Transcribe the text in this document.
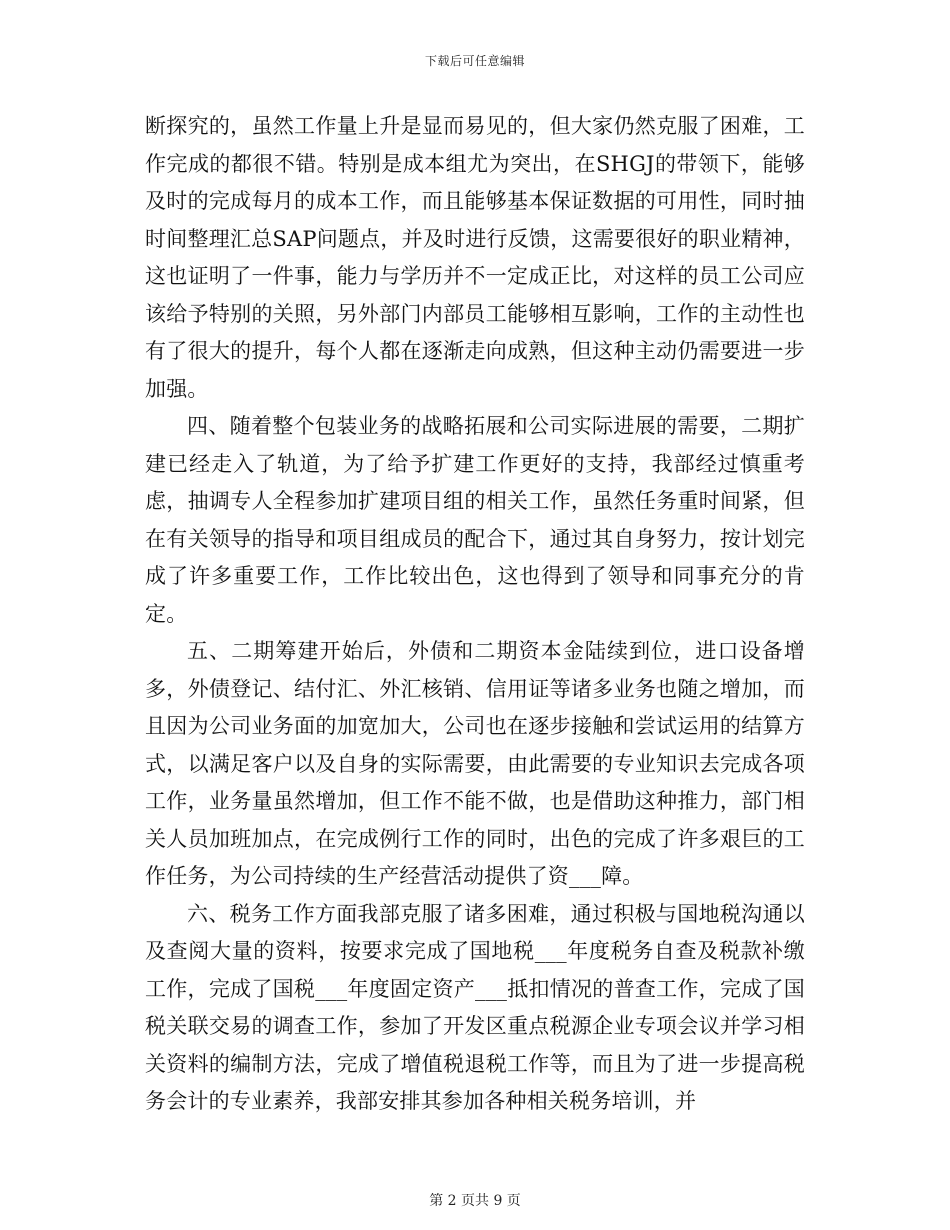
下载后可任意编辑

断探究的，虽然工作量上升是显而易见的，但大家仍然克服了困难，工作完成的都很不错。特别是成本组尤为突出，在SHGJ的带领下，能够及时的完成每月的成本工作，而且能够基本保证数据的可用性，同时抽时间整理汇总SAP问题点，并及时进行反馈，这需要很好的职业精神，这也证明了一件事，能力与学历并不一定成正比，对这样的员工公司应该给予特别的关照，另外部门内部员工能够相互影响，工作的主动性也有了很大的提升，每个人都在逐渐走向成熟，但这种主动仍需要进一步加强。

四、随着整个包装业务的战略拓展和公司实际进展的需要，二期扩建已经走入了轨道，为了给予扩建工作更好的支持，我部经过慎重考虑，抽调专人全程参加扩建项目组的相关工作，虽然任务重时间紧，但在有关领导的指导和项目组成员的配合下，通过其自身努力，按计划完成了许多重要工作，工作比较出色，这也得到了领导和同事充分的肯定。

五、二期筹建开始后，外债和二期资本金陆续到位，进口设备增多，外债登记、结付汇、外汇核销、信用证等诸多业务也随之增加，而且因为公司业务面的加宽加大，公司也在逐步接触和尝试运用的结算方式，以满足客户以及自身的实际需要，由此需要的专业知识去完成各项工作，业务量虽然增加，但工作不能不做，也是借助这种推力，部门相关人员加班加点，在完成例行工作的同时，出色的完成了许多艰巨的工作任务，为公司持续的生产经营活动提供了资___障。

六、税务工作方面我部克服了诸多困难，通过积极与国地税沟通以及查阅大量的资料，按要求完成了国地税___年度税务自查及税款补缴工作，完成了国税___年度固定资产___抵扣情况的普查工作，完成了国税关联交易的调查工作，参加了开发区重点税源企业专项会议并学习相关资料的编制方法，完成了增值税退税工作等，而且为了进一步提高税务会计的专业素养，我部安排其参加各种相关税务培训，并

第 2 页共 9 页
